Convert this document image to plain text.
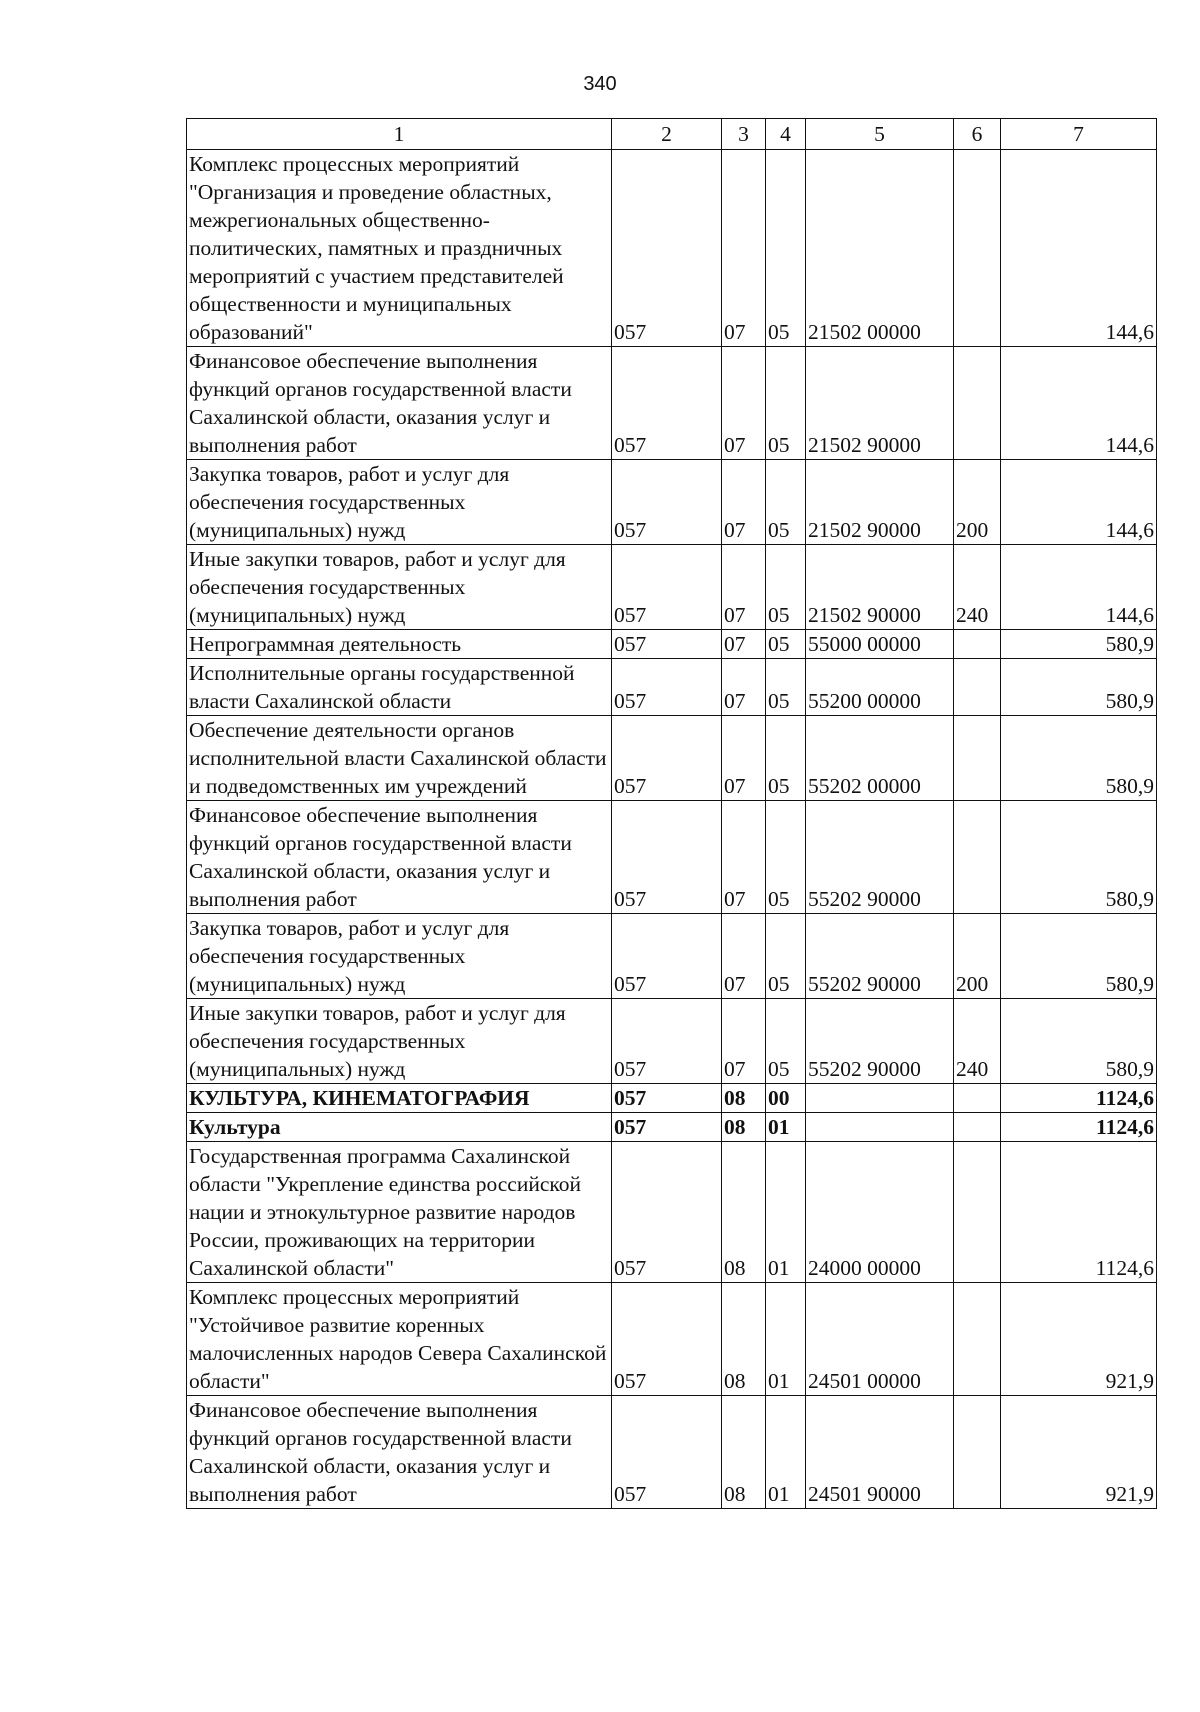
340
1	2	3	4	5	6	7
Комплекс процессных мероприятий "Организация и проведение областных, межрегиональных общественно-политических, памятных и праздничных мероприятий с участием представителей общественности и муниципальных образований"	057	07	05	21502 00000		144,6
Финансовое обеспечение выполнения функций органов государственной власти Сахалинской области, оказания услуг и выполнения работ	057	07	05	21502 90000		144,6
Закупка товаров, работ и услуг для обеспечения государственных (муниципальных) нужд	057	07	05	21502 90000	200	144,6
Иные закупки товаров, работ и услуг для обеспечения государственных (муниципальных) нужд	057	07	05	21502 90000	240	144,6
Непрограммная деятельность	057	07	05	55000 00000		580,9
Исполнительные органы государственной власти Сахалинской области	057	07	05	55200 00000		580,9
Обеспечение деятельности органов исполнительной власти Сахалинской области и подведомственных им учреждений	057	07	05	55202 00000		580,9
Финансовое обеспечение выполнения функций органов государственной власти Сахалинской области, оказания услуг и выполнения работ	057	07	05	55202 90000		580,9
Закупка товаров, работ и услуг для обеспечения государственных (муниципальных) нужд	057	07	05	55202 90000	200	580,9
Иные закупки товаров, работ и услуг для обеспечения государственных (муниципальных) нужд	057	07	05	55202 90000	240	580,9
КУЛЬТУРА, КИНЕМАТОГРАФИЯ	057	08	00			1124,6
Культура	057	08	01			1124,6
Государственная программа Сахалинской области "Укрепление единства российской нации и этнокультурное развитие народов России, проживающих на территории Сахалинской области"	057	08	01	24000 00000		1124,6
Комплекс процессных мероприятий "Устойчивое развитие коренных малочисленных народов Севера Сахалинской области"	057	08	01	24501 00000		921,9
Финансовое обеспечение выполнения функций органов государственной власти Сахалинской области, оказания услуг и выполнения работ	057	08	01	24501 90000		921,9
